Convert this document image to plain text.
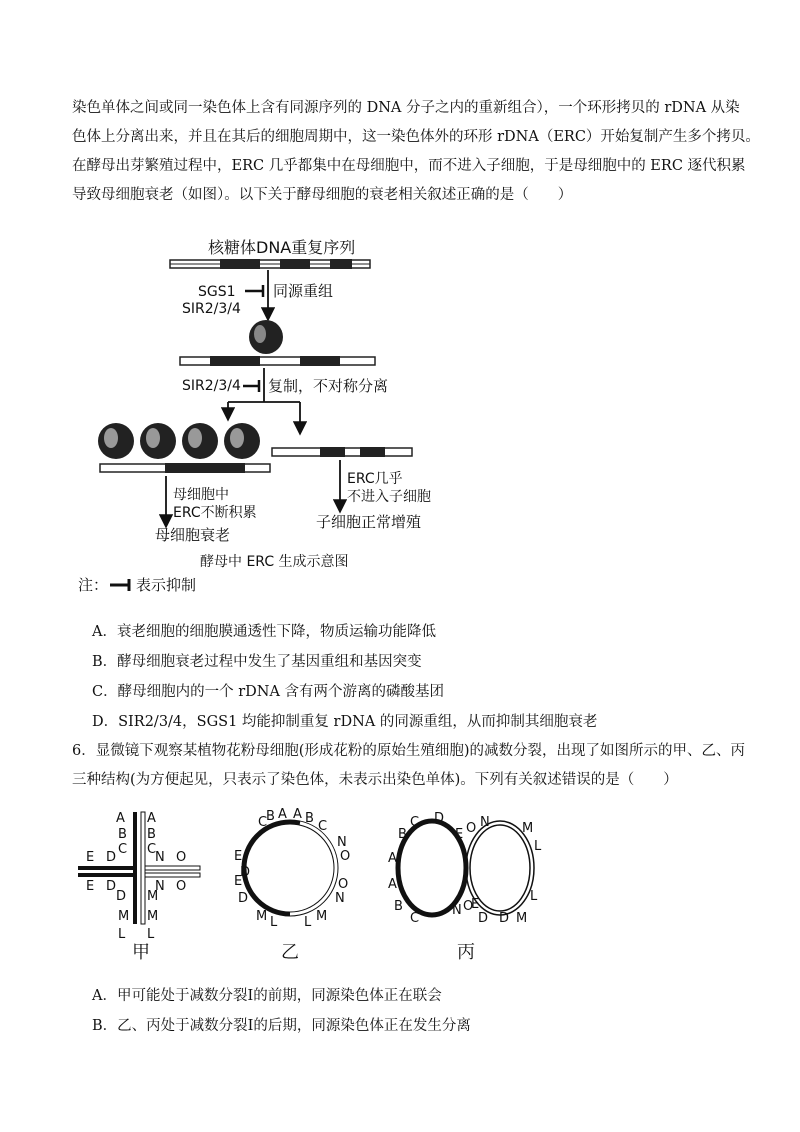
染色单体之间或同一染色体上含有同源序列的 DNA 分子之内的重新组合），一个环形拷贝的 rDNA 从染
色体上分离出来，并且在其后的细胞周期中，这一染色体外的环形 rDNA（ERC）开始复制产生多个拷贝。
在酵母出芽繁殖过程中，ERC 几乎都集中在母细胞中，而不进入子细胞，于是母细胞中的 ERC 逐代积累
导致母细胞衰老（如图）。以下关于酵母细胞的衰老相关叙述正确的是（　　）
核糖体DNA重复序列
SGS1
SIR2/3/4
同源重组
SIR2/3/4 复制，不对称分离
母细胞中
ERC不断积累
母细胞衰老
ERC几乎
不进入子细胞
子细胞正常增殖
酵母中 ERC 生成示意图
注： 表示抑制
A．衰老细胞的细胞膜通透性下降，物质运输功能降低
B．酵母细胞衰老过程中发生了基因重组和基因突变
C．酵母细胞内的一个 rDNA 含有两个游离的磷酸基团
D．SIR2/3/4，SGS1 均能抑制重复 rDNA 的同源重组，从而抑制其细胞衰老
6．显微镜下观察某植物花粉母细胞(形成花粉的原始生殖细胞)的减数分裂，出现了如图所示的甲、乙、丙
三种结构(为方便起见，只表示了染色体，未表示出染色单体)。下列有关叙述错误的是（　　）
A A
B B
C C
E D	N O
E D	N O
D M
M M
L L
甲
C
B A A B
C
N
O
O
N
E
E
D
D
M L L M
乙
B
C D
E O N M
L
A
A
B
C
N O
E
D D
L
M
丙
A．甲可能处于减数分裂Ⅰ的前期，同源染色体正在联会
B．乙、丙处于减数分裂Ⅰ的后期，同源染色体正在发生分离
